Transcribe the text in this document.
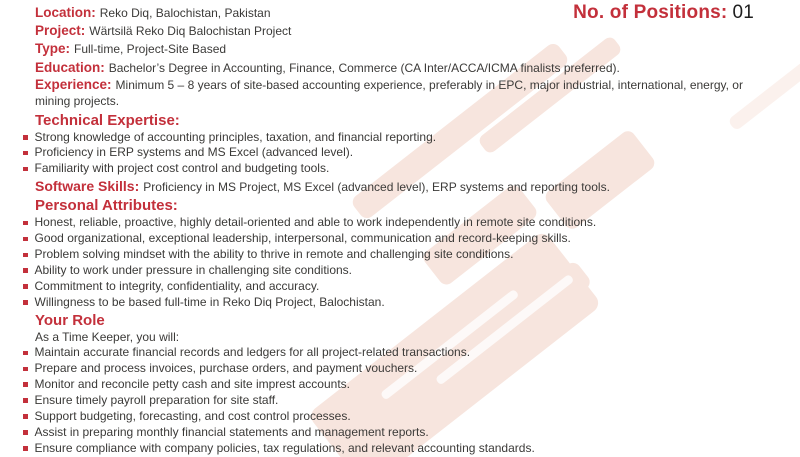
No. of Positions: 01
Location: Reko Diq, Balochistan, Pakistan
Project: Wärtsilä Reko Diq Balochistan Project
Type: Full-time, Project-Site Based
Education: Bachelor’s Degree in Accounting, Finance, Commerce (CA Inter/ACCA/ICMA finalists preferred).
Experience: Minimum 5 – 8 years of site-based accounting experience, preferably in EPC, major industrial, international, energy, or mining projects.
Technical Expertise:
Strong knowledge of accounting principles, taxation, and financial reporting.
Proficiency in ERP systems and MS Excel (advanced level).
Familiarity with project cost control and budgeting tools.
Software Skills: Proficiency in MS Project, MS Excel (advanced level), ERP systems and reporting tools.
Personal Attributes:
Honest, reliable, proactive, highly detail-oriented and able to work independently in remote site conditions.
Good organizational, exceptional leadership, interpersonal, communication and record-keeping skills.
Problem solving mindset with the ability to thrive in remote and challenging site conditions.
Ability to work under pressure in challenging site conditions.
Commitment to integrity, confidentiality, and accuracy.
Willingness to be based full-time in Reko Diq Project, Balochistan.
Your Role
As a Time Keeper, you will:
Maintain accurate financial records and ledgers for all project-related transactions.
Prepare and process invoices, purchase orders, and payment vouchers.
Monitor and reconcile petty cash and site imprest accounts.
Ensure timely payroll preparation for site staff.
Support budgeting, forecasting, and cost control processes.
Assist in preparing monthly financial statements and management reports.
Ensure compliance with company policies, tax regulations, and relevant accounting standards.
